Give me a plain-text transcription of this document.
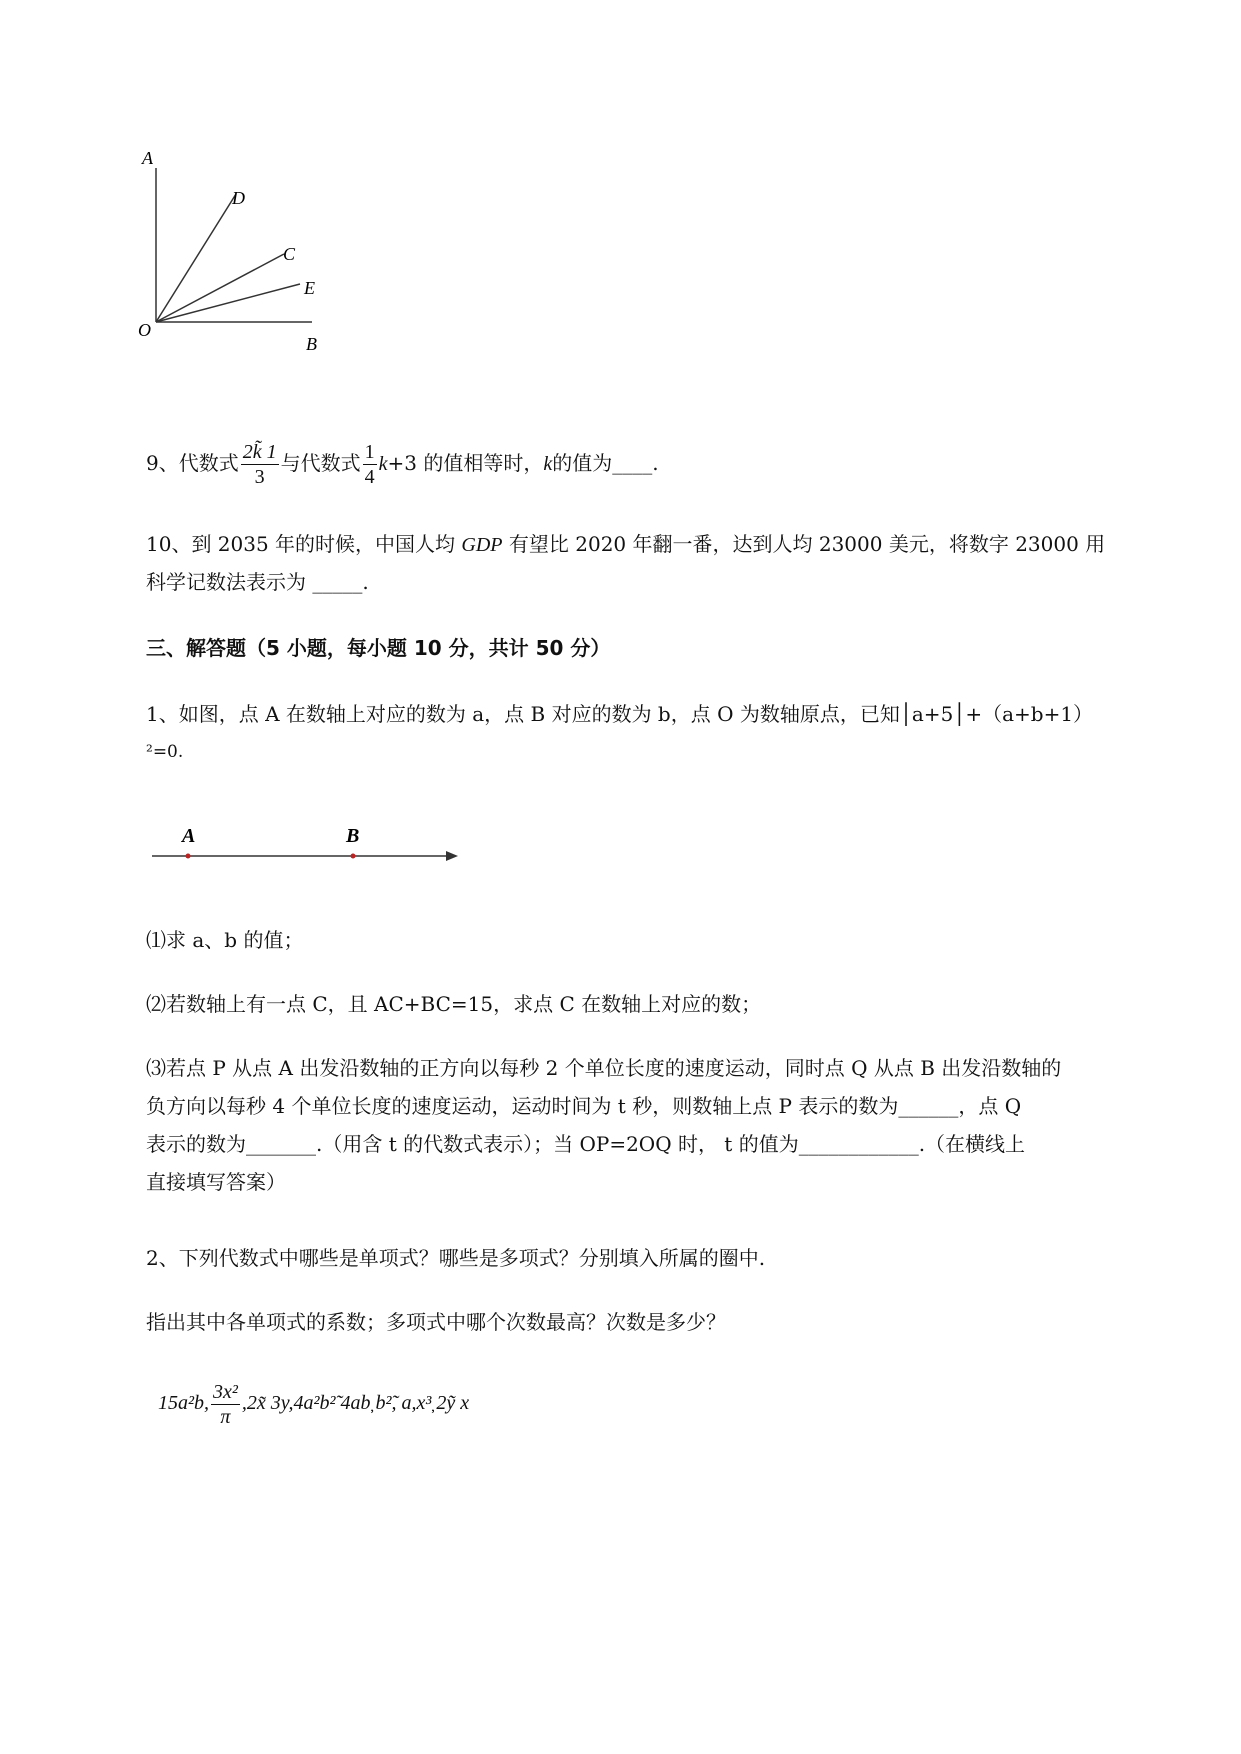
A
D
C
E
O
B
9、代数式 $\frac{2k̃ 1}{3}$ 与代数式 $\frac{1}{4} k+3$ 的值相等时，k的值为____.
10、到 2035 年的时候，中国人均 GDP 有望比 2020 年翻一番，达到人均 23000 美元，将数字 23000 用
科学记数法表示为 _____.
三、解答题（5 小题，每小题 10 分，共计 50 分）
1、如图，点 A 在数轴上对应的数为 a，点 B 对应的数为 b，点 O 为数轴原点，已知│a+5│+（a+b+1）
²=0.
A	B
⑴求 a、b 的值；
⑵若数轴上有一点 C，且 AC+BC=15，求点 C 在数轴上对应的数；
⑶若点 P 从点 A 出发沿数轴的正方向以每秒 2 个单位长度的速度运动，同时点 Q 从点 B 出发沿数轴的
负方向以每秒 4 个单位长度的速度运动，运动时间为 t 秒，则数轴上点 P 表示的数为______，点 Q
表示的数为_______.（用含 t 的代数式表示）；当 OP=2OQ 时， t 的值为____________.（在横线上
直接填写答案）
2、下列代数式中哪些是单项式？哪些是多项式？分别填入所属的圈中.
指出其中各单项式的系数；多项式中哪个次数最高？次数是多少？
15a²b, $\frac{\text{3x²}}{\pi}$ ,2x̃ 3y,4a²b²̃ 4ab̦ b²̃, a,x³̦ 2ỹ x
